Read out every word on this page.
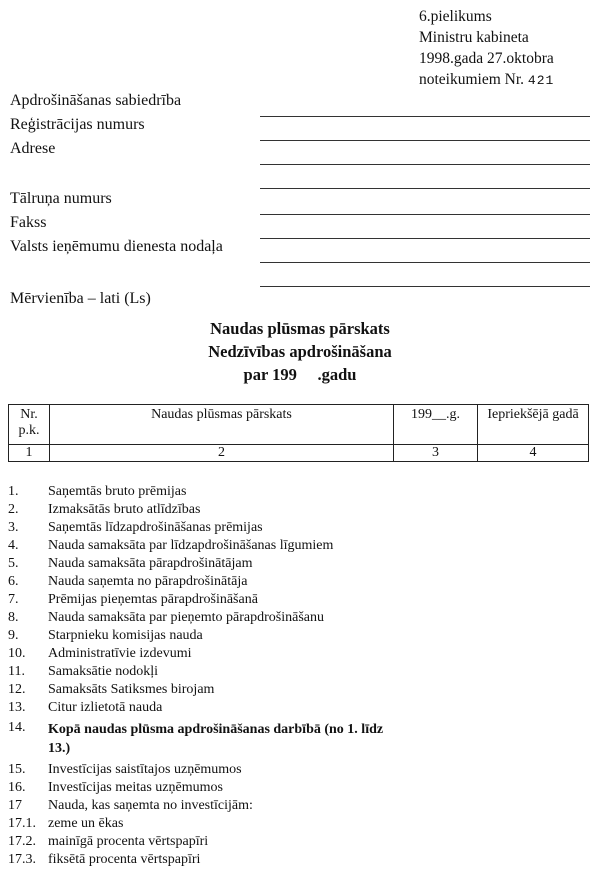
6.pielikums
Ministru kabineta
1998.gada 27.oktobra
noteikumiem Nr. 421
Apdrošināšanas sabiedrība
Reģistrācijas numurs
Adrese
Tālruņa numurs
Fakss
Valsts ieņēmumu dienesta nodaļa
Mērvienība – lati (Ls)
Naudas plūsmas pārskats
Nedzīvības apdrošināšana
par 199     .gadu
Nr.
p.k.	Naudas plūsmas pārskats	199__.g.	Iepriekšējā gadā
1	2	3	4
1.	Saņemtās bruto prēmijas
2.	Izmaksātās bruto atlīdzības
3.	Saņemtās līdzapdrošināšanas prēmijas
4.	Nauda samaksāta par līdzapdrošināšanas līgumiem
5.	Nauda samaksāta pārapdrošinātājam
6.	Nauda saņemta no pārapdrošinātāja
7.	Prēmijas pieņemtas pārapdrošināšanā
8.	Nauda samaksāta par pieņemto pārapdrošināšanu
9.	Starpnieku komisijas nauda
10.	Administratīvie izdevumi
11.	Samaksātie nodokļi
12.	Samaksāts Satiksmes birojam
13.	Citur izlietotā nauda
14.	Kopā naudas plūsma apdrošināšanas darbībā (no 1. līdz 13.)
15.	Investīcijas saistītajos uzņēmumos
16.	Investīcijas meitas uzņēmumos
17	Nauda, kas saņemta no investīcijām:
17.1. zeme un ēkas
17.2. mainīgā procenta vērtspapīri
17.3. fiksētā procenta vērtspapīri
